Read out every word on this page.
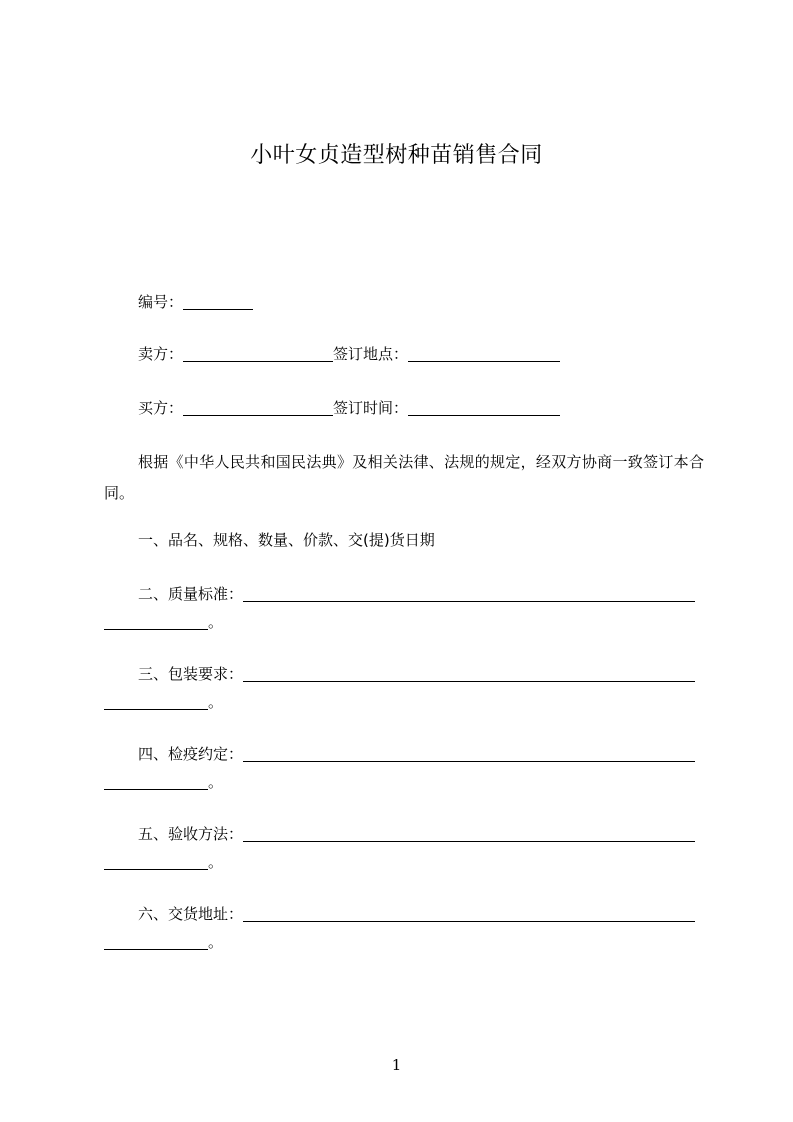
小叶女贞造型树种苗销售合同
编号：
卖方：	签订地点：
买方：	签订时间：
根据《中华人民共和国民法典》及相关法律、法规的规定，经双方协商一致签订本合同。
一、品名、规格、数量、价款、交(提)货日期
二、质量标准：
。
三、包装要求：
。
四、检疫约定：
。
五、验收方法：
。
六、交货地址：
。
1
